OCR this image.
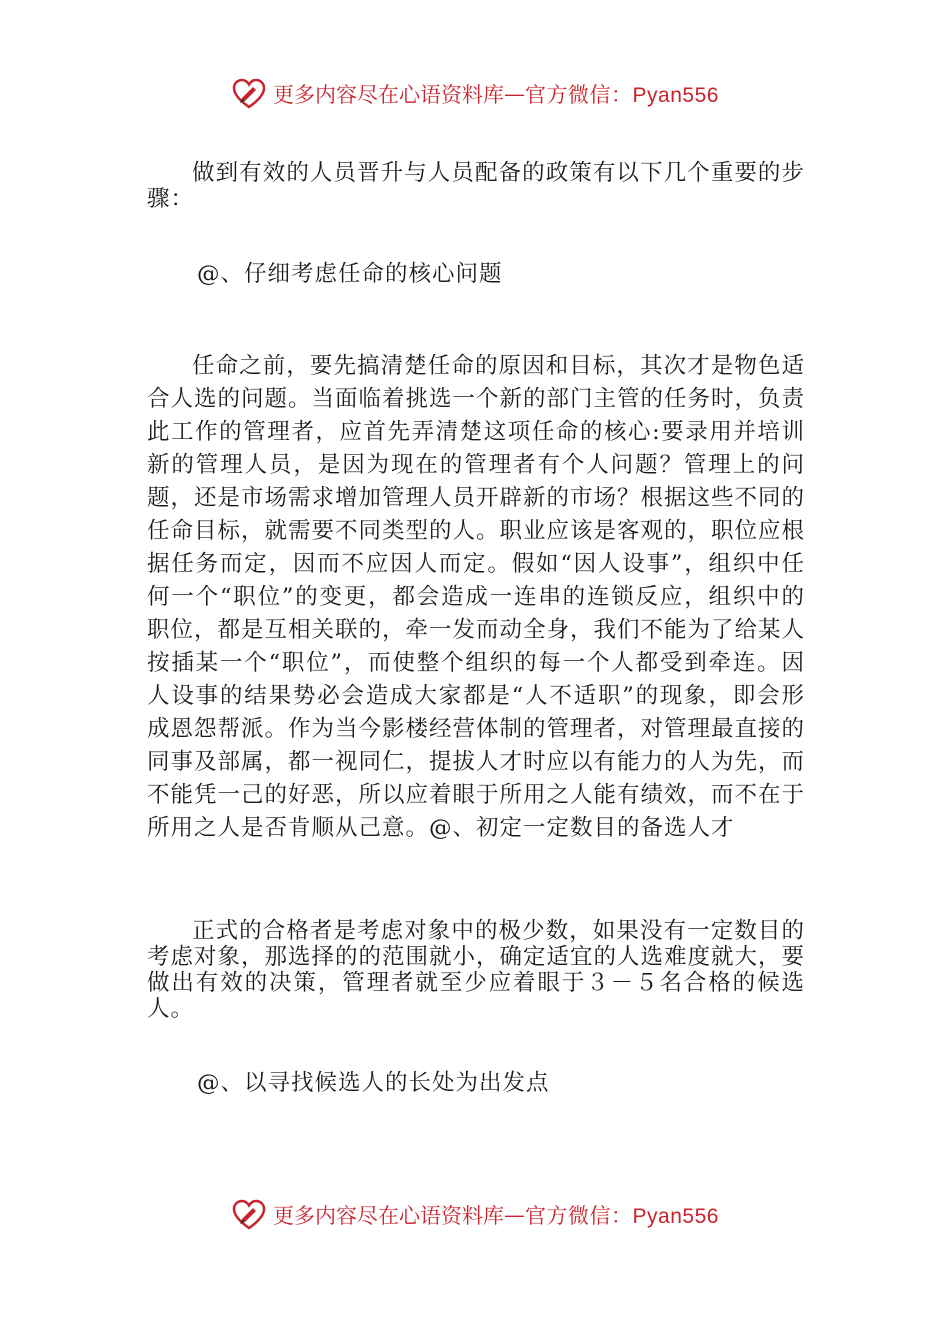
更多内容尽在心语资料库 — 官方微信：Pyan556

做到有效的人员晋升与人员配备的政策有以下几个重要的步骤：

@、仔细考虑任命的核心问题

任命之前，要先搞清楚任命的原因和目标，其次才是物色适合人选的问题。当面临着挑选一个新的部门主管的任务时，负责此工作的管理者，应首先弄清楚这项任命的核心:要录用并培训新的管理人员，是因为现在的管理者有个人问题？管理上的问题，还是市场需求增加管理人员开辟新的市场？根据这些不同的任命目标，就需要不同类型的人。职业应该是客观的，职位应根据任务而定，因而不应因人而定。假如“因人设事”，组织中任何一个“职位”的变更，都会造成一连串的连锁反应，组织中的职位，都是互相关联的，牵一发而动全身，我们不能为了给某人按插某一个“职位”，而使整个组织的每一个人都受到牵连。因人设事的结果势必会造成大家都是“人不适职”的现象，即会形成恩怨帮派。作为当今影楼经营体制的管理者，对管理最直接的同事及部属，都一视同仁，提拔人才时应以有能力的人为先，而不能凭一己的好恶，所以应着眼于所用之人能有绩效，而不在于所用之人是否肯顺从己意。@、初定一定数目的备选人才

正式的合格者是考虑对象中的极少数，如果没有一定数目的考虑对象，那选择的的范围就小，确定适宜的人选难度就大，要做出有效的决策，管理者就至少应着眼于３－５名合格的候选人。

@、以寻找候选人的长处为出发点

更多内容尽在心语资料库 — 官方微信：Pyan556
